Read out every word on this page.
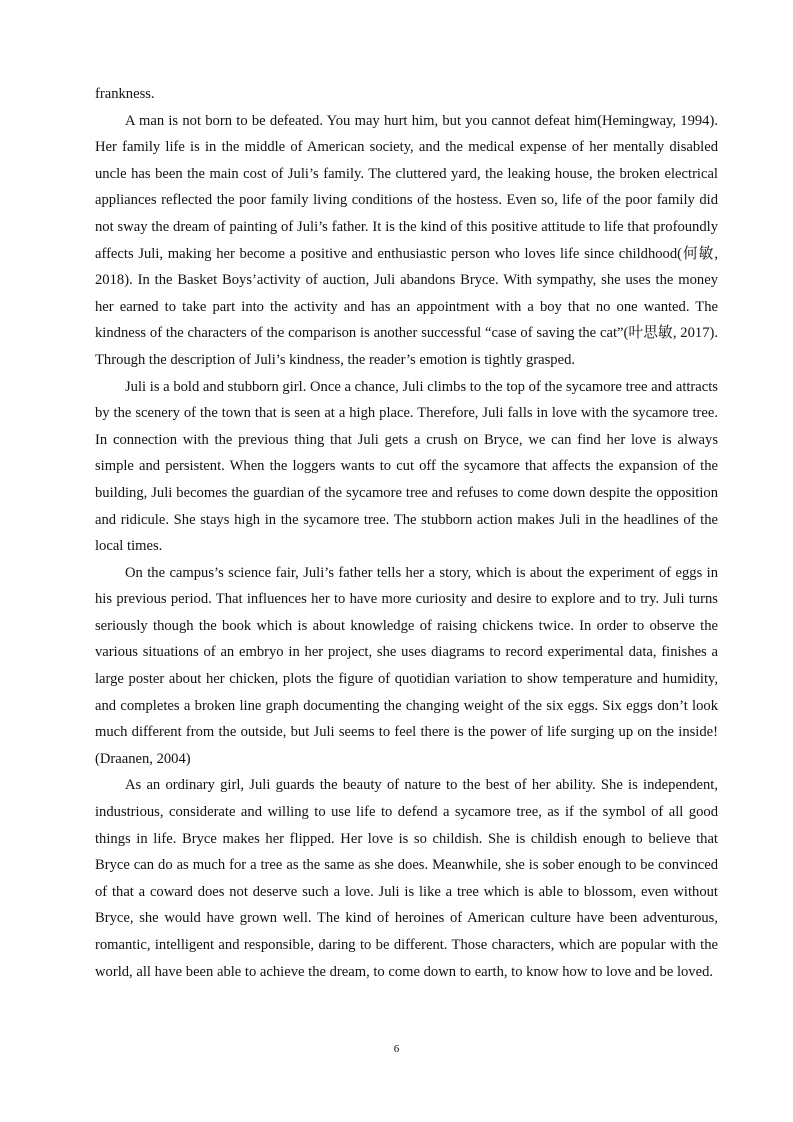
frankness.

A man is not born to be defeated. You may hurt him, but you cannot defeat him(Hemingway, 1994). Her family life is in the middle of American society, and the medical expense of her mentally disabled uncle has been the main cost of Juli’s family. The cluttered yard, the leaking house, the broken electrical appliances reflected the poor family living conditions of the hostess. Even so, life of the poor family did not sway the dream of painting of Juli’s father. It is the kind of this positive attitude to life that profoundly affects Juli, making her become a positive and enthusiastic person who loves life since childhood(何敏, 2018). In the Basket Boys’activity of auction, Juli abandons Bryce. With sympathy, she uses the money her earned to take part into the activity and has an appointment with a boy that no one wanted. The kindness of the characters of the comparison is another successful “case of saving the cat”(叶思敏, 2017). Through the description of Juli’s kindness, the reader’s emotion is tightly grasped.

Juli is a bold and stubborn girl. Once a chance, Juli climbs to the top of the sycamore tree and attracts by the scenery of the town that is seen at a high place. Therefore, Juli falls in love with the sycamore tree. In connection with the previous thing that Juli gets a crush on Bryce, we can find her love is always simple and persistent. When the loggers wants to cut off the sycamore that affects the expansion of the building, Juli becomes the guardian of the sycamore tree and refuses to come down despite the opposition and ridicule. She stays high in the sycamore tree. The stubborn action makes Juli in the headlines of the local times.

On the campus’s science fair, Juli’s father tells her a story, which is about the experiment of eggs in his previous period. That influences her to have more curiosity and desire to explore and to try. Juli turns seriously though the book which is about knowledge of raising chickens twice. In order to observe the various situations of an embryo in her project, she uses diagrams to record experimental data, finishes a large poster about her chicken, plots the figure of quotidian variation to show temperature and humidity, and completes a broken line graph documenting the changing weight of the six eggs. Six eggs don’t look much different from the outside, but Juli seems to feel there is the power of life surging up on the inside! (Draanen, 2004)

As an ordinary girl, Juli guards the beauty of nature to the best of her ability. She is independent, industrious, considerate and willing to use life to defend a sycamore tree, as if the symbol of all good things in life. Bryce makes her flipped. Her love is so childish. She is childish enough to believe that Bryce can do as much for a tree as the same as she does. Meanwhile, she is sober enough to be convinced of that a coward does not deserve such a love. Juli is like a tree which is able to blossom, even without Bryce, she would have grown well. The kind of heroines of American culture have been adventurous, romantic, intelligent and responsible, daring to be different. Those characters, which are popular with the world, all have been able to achieve the dream, to come down to earth, to know how to love and be loved.

6
